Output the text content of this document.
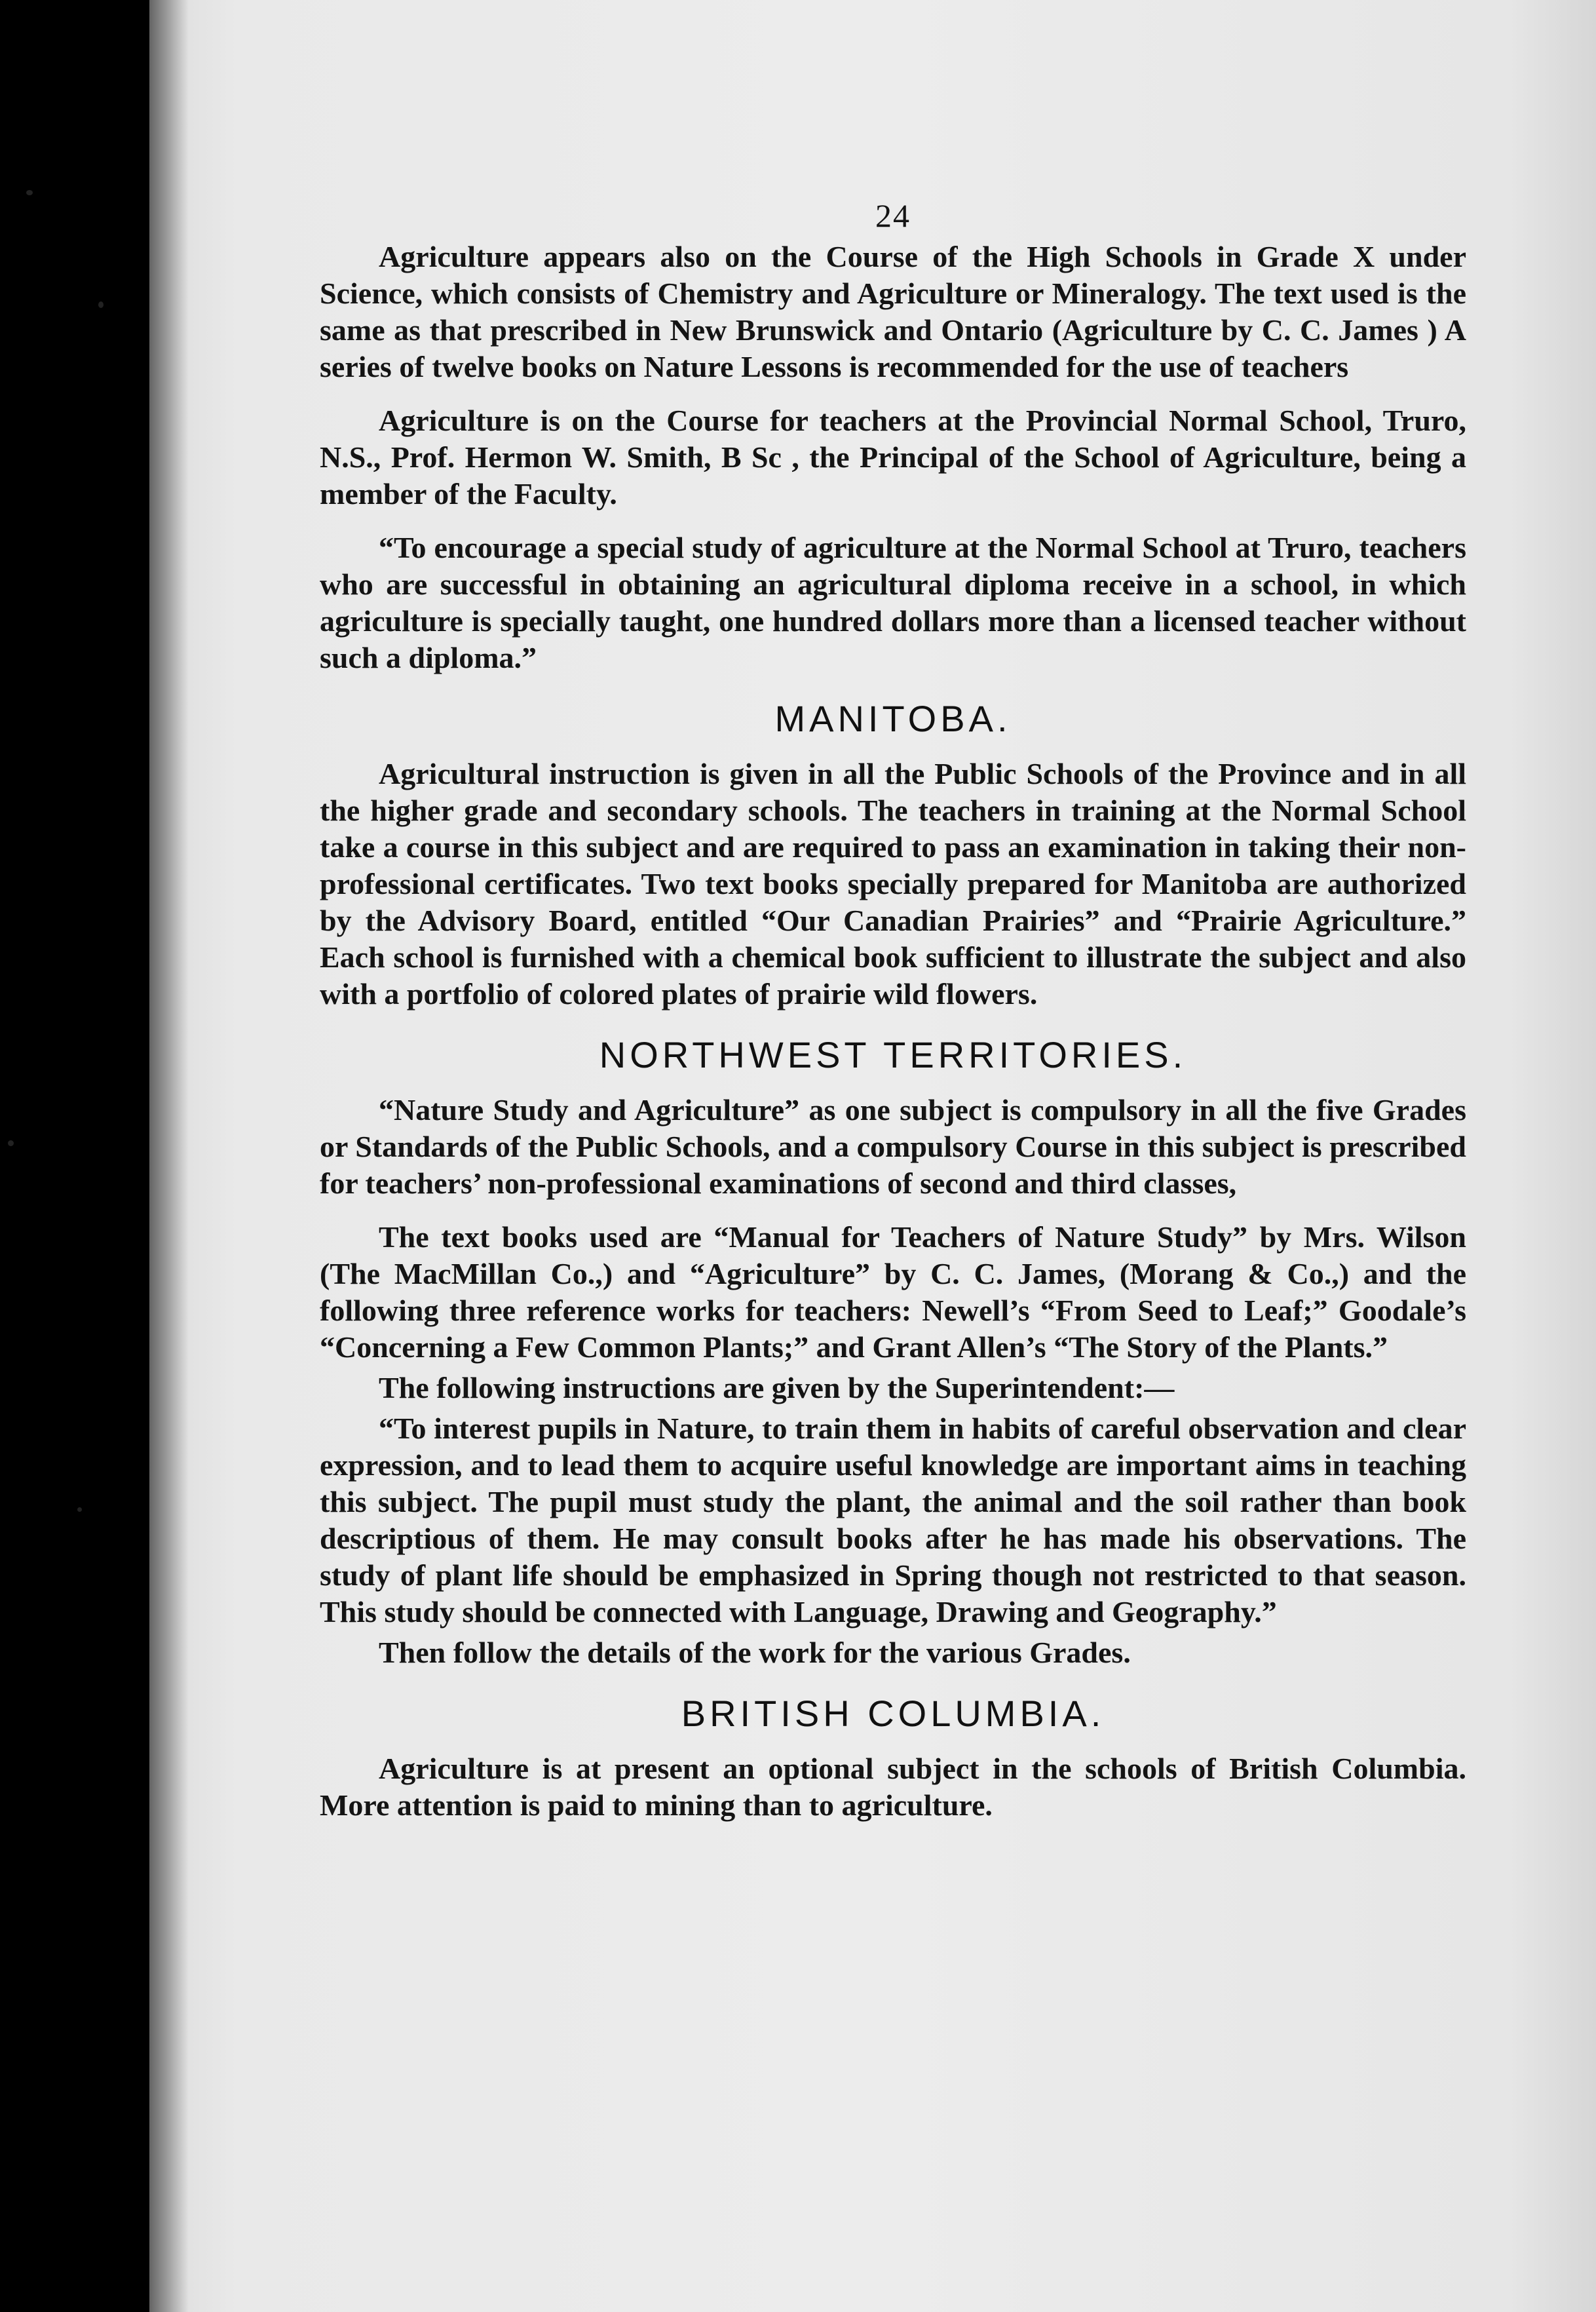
24

Agriculture appears also on the Course of the High Schools in Grade X under Science, which consists of Chemistry and Agriculture or Mineralogy. The text used is the same as that prescribed in New Brunswick and Ontario (Agriculture by C. C. James ) A series of twelve books on Nature Lessons is recommended for the use of teachers

Agriculture is on the Course for teachers at the Provincial Normal School, Truro, N.S., Prof. Hermon W. Smith, B Sc , the Principal of the School of Agriculture, being a member of the Faculty.

“To encourage a special study of agriculture at the Normal School at Truro, teachers who are successful in obtaining an agricultural diploma receive in a school, in which agriculture is specially taught, one hundred dollars more than a licensed teacher without such a diploma.”

MANITOBA.

Agricultural instruction is given in all the Public Schools of the Province and in all the higher grade and secondary schools. The teachers in training at the Normal School take a course in this subject and are required to pass an examination in taking their non-professional certificates. Two text books specially prepared for Manitoba are authorized by the Advisory Board, entitled “Our Canadian Prairies” and “Prairie Agriculture.” Each school is furnished with a chemical book sufficient to illustrate the subject and also with a portfolio of colored plates of prairie wild flowers.

NORTHWEST TERRITORIES.

“Nature Study and Agriculture” as one subject is compulsory in all the five Grades or Standards of the Public Schools, and a compulsory Course in this subject is prescribed for teachers’ non-professional examinations of second and third classes,

The text books used are “Manual for Teachers of Nature Study” by Mrs. Wilson (The MacMillan Co.,) and “Agriculture” by C. C. James, (Morang & Co.,) and the following three reference works for teachers: Newell’s “From Seed to Leaf;” Goodale’s “Concerning a Few Common Plants;” and Grant Allen’s “The Story of the Plants.”

The following instructions are given by the Superintendent:—

“To interest pupils in Nature, to train them in habits of careful observation and clear expression, and to lead them to acquire useful knowledge are important aims in teaching this subject. The pupil must study the plant, the animal and the soil rather than book descriptious of them. He may consult books after he has made his observations. The study of plant life should be emphasized in Spring though not restricted to that season. This study should be connected with Language, Drawing and Geography.”

Then follow the details of the work for the various Grades.

BRITISH COLUMBIA.

Agriculture is at present an optional subject in the schools of British Columbia. More attention is paid to mining than to agriculture.
